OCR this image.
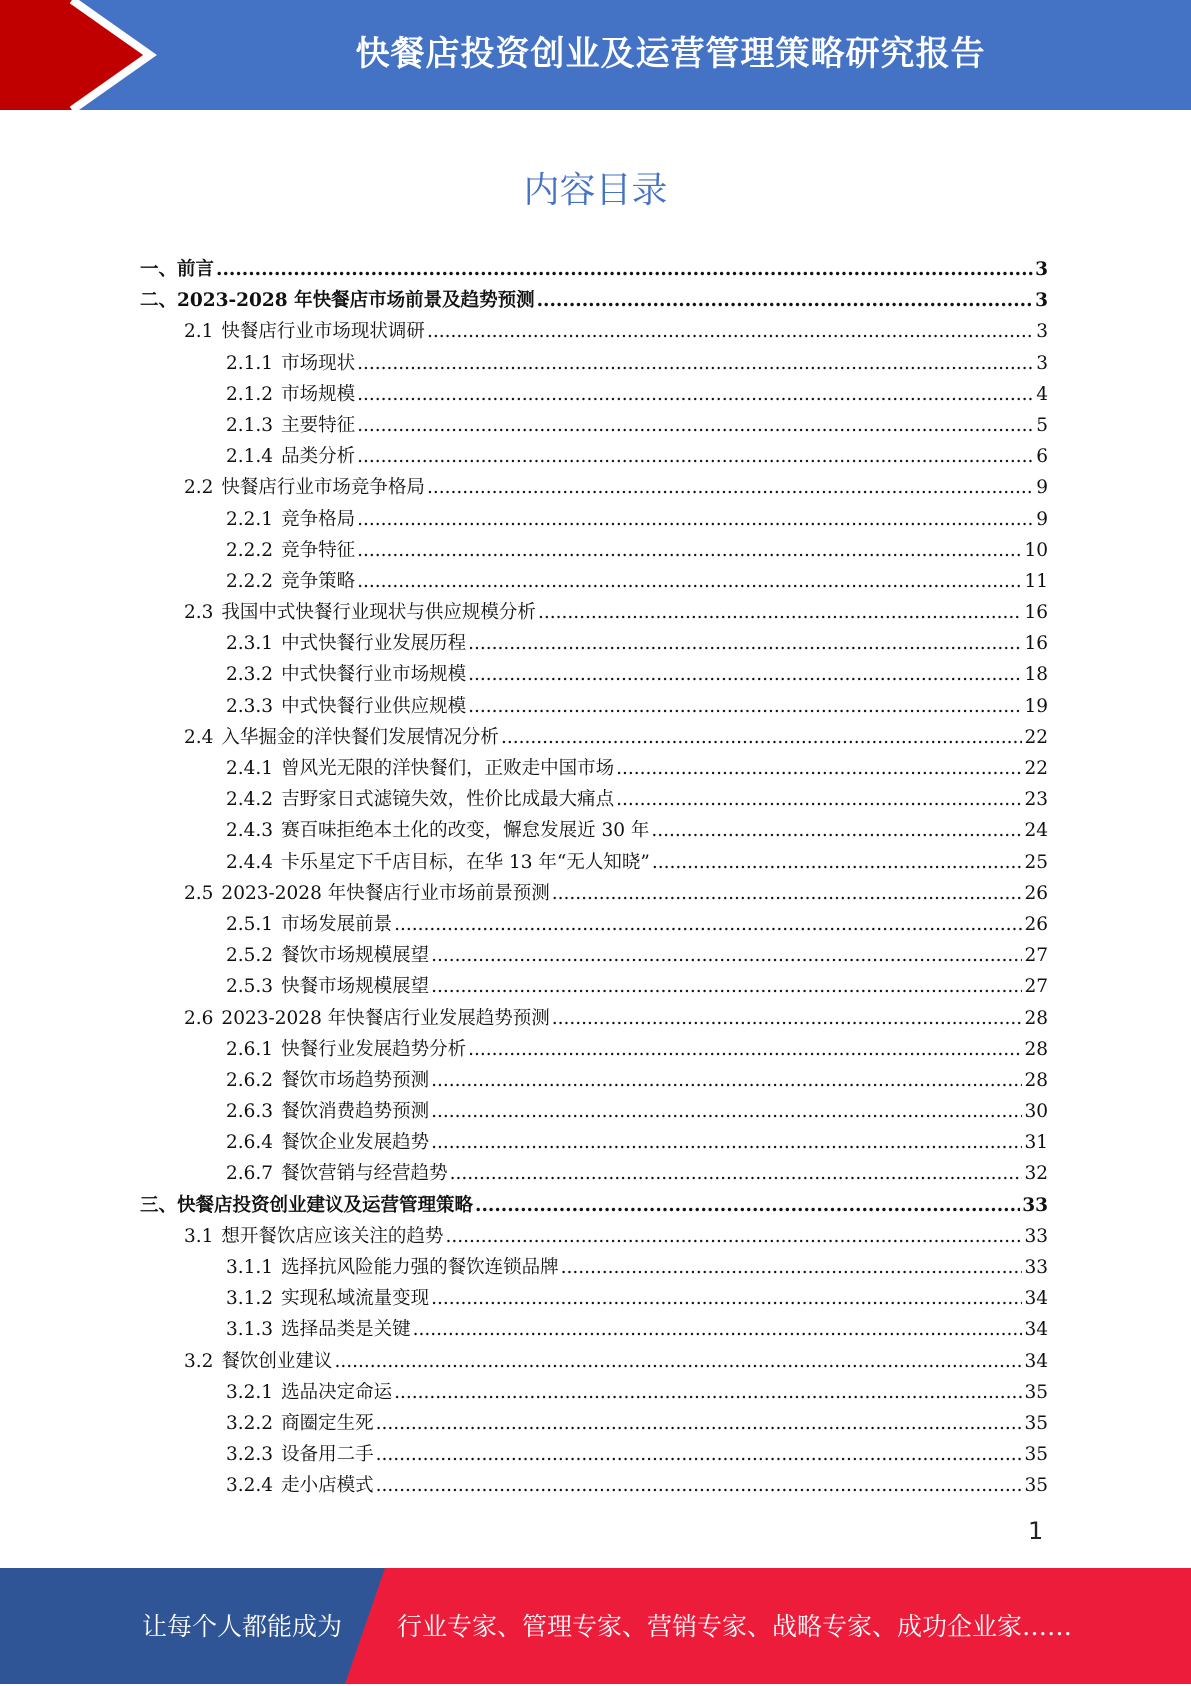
快餐店投资创业及运营管理策略研究报告
内容目录
一、前言 .....	3
二、2023-2028 年快餐店市场前景及趋势预测 .....	3
2.1 快餐店行业市场现状调研 .....	3
2.1.1 市场现状 .....	3
2.1.2 市场规模 .....	4
2.1.3 主要特征 .....	5
2.1.4 品类分析 .....	6
2.2 快餐店行业市场竞争格局 .....	9
2.2.1 竞争格局 .....	9
2.2.2 竞争特征 .....	10
2.2.2 竞争策略 .....	11
2.3 我国中式快餐行业现状与供应规模分析 .....	16
2.3.1 中式快餐行业发展历程 .....	16
2.3.2 中式快餐行业市场规模 .....	18
2.3.3 中式快餐行业供应规模 .....	19
2.4 入华掘金的洋快餐们发展情况分析 .....	22
2.4.1 曾风光无限的洋快餐们，正败走中国市场 .....	22
2.4.2 吉野家日式滤镜失效，性价比成最大痛点 .....	23
2.4.3 赛百味拒绝本土化的改变，懈怠发展近 30 年 .....	24
2.4.4 卡乐星定下千店目标，在华 13 年“无人知晓” .....	25
2.5 2023-2028 年快餐店行业市场前景预测 .....	26
2.5.1 市场发展前景 .....	26
2.5.2 餐饮市场规模展望 .....	27
2.5.3 快餐市场规模展望 .....	27
2.6 2023-2028 年快餐店行业发展趋势预测 .....	28
2.6.1 快餐行业发展趋势分析 .....	28
2.6.2 餐饮市场趋势预测 .....	28
2.6.3 餐饮消费趋势预测 .....	30
2.6.4 餐饮企业发展趋势 .....	31
2.6.7 餐饮营销与经营趋势 .....	32
三、快餐店投资创业建议及运营管理策略 .....	33
3.1 想开餐饮店应该关注的趋势 .....	33
3.1.1 选择抗风险能力强的餐饮连锁品牌 .....	33
3.1.2 实现私域流量变现 .....	34
3.1.3 选择品类是关键 .....	34
3.2 餐饮创业建议 .....	34
3.2.1 选品决定命运 .....	35
3.2.2 商圈定生死 .....	35
3.2.3 设备用二手 .....	35
3.2.4 走小店模式 .....	35
1
让每个人都能成为 行业专家、管理专家、营销专家、战略专家、成功企业家……
